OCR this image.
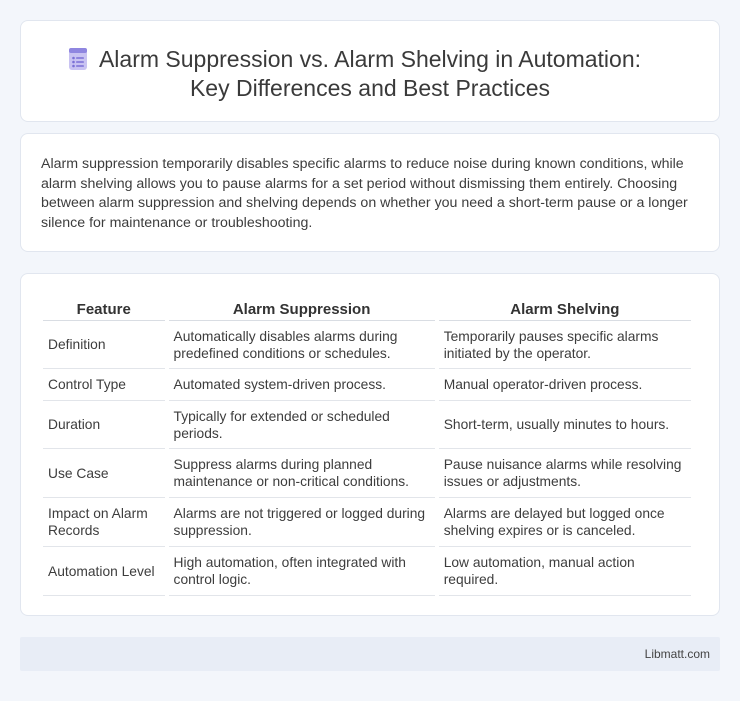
Alarm Suppression vs. Alarm Shelving in Automation:
Key Differences and Best Practices

Alarm suppression temporarily disables specific alarms to reduce noise during known conditions, while alarm shelving allows you to pause alarms for a set period without dismissing them entirely. Choosing between alarm suppression and shelving depends on whether you need a short-term pause or a longer silence for maintenance or troubleshooting.

Feature	Alarm Suppression	Alarm Shelving
Definition	Automatically disables alarms during predefined conditions or schedules.	Temporarily pauses specific alarms initiated by the operator.
Control Type	Automated system-driven process.	Manual operator-driven process.
Duration	Typically for extended or scheduled periods.	Short-term, usually minutes to hours.
Use Case	Suppress alarms during planned maintenance or non-critical conditions.	Pause nuisance alarms while resolving issues or adjustments.
Impact on Alarm Records	Alarms are not triggered or logged during suppression.	Alarms are delayed but logged once shelving expires or is canceled.
Automation Level	High automation, often integrated with control logic.	Low automation, manual action required.
Libmatt.com
